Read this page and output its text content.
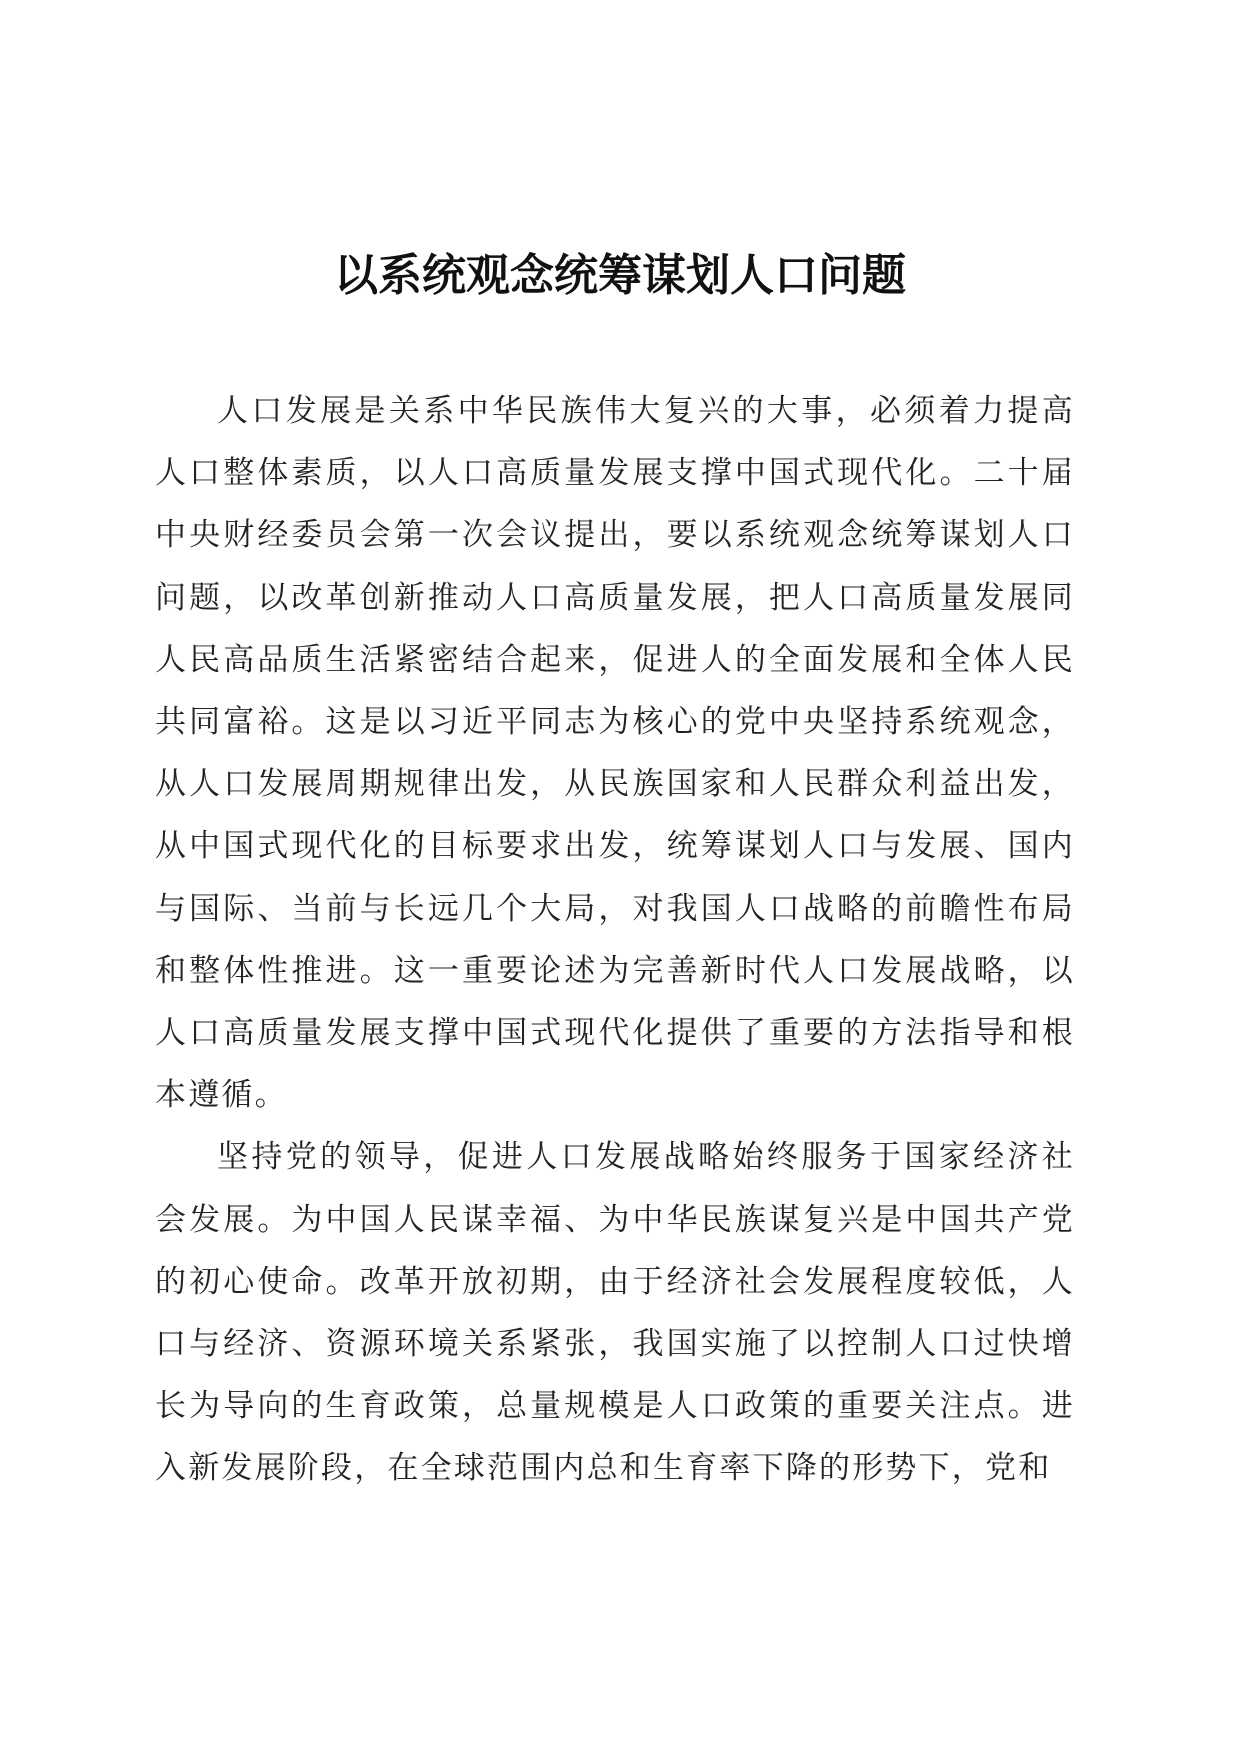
以系统观念统筹谋划人口问题

人口发展是关系中华民族伟大复兴的大事，必须着力提高人口整体素质，以人口高质量发展支撑中国式现代化。二十届中央财经委员会第一次会议提出，要以系统观念统筹谋划人口问题，以改革创新推动人口高质量发展，把人口高质量发展同人民高品质生活紧密结合起来，促进人的全面发展和全体人民共同富裕。这是以习近平同志为核心的党中央坚持系统观念，从人口发展周期规律出发，从民族国家和人民群众利益出发，从中国式现代化的目标要求出发，统筹谋划人口与发展、国内与国际、当前与长远几个大局，对我国人口战略的前瞻性布局和整体性推进。这一重要论述为完善新时代人口发展战略，以人口高质量发展支撑中国式现代化提供了重要的方法指导和根本遵循。

坚持党的领导，促进人口发展战略始终服务于国家经济社会发展。为中国人民谋幸福、为中华民族谋复兴是中国共产党的初心使命。改革开放初期，由于经济社会发展程度较低，人口与经济、资源环境关系紧张，我国实施了以控制人口过快增长为导向的生育政策，总量规模是人口政策的重要关注点。进入新发展阶段，在全球范围内总和生育率下降的形势下，党和
